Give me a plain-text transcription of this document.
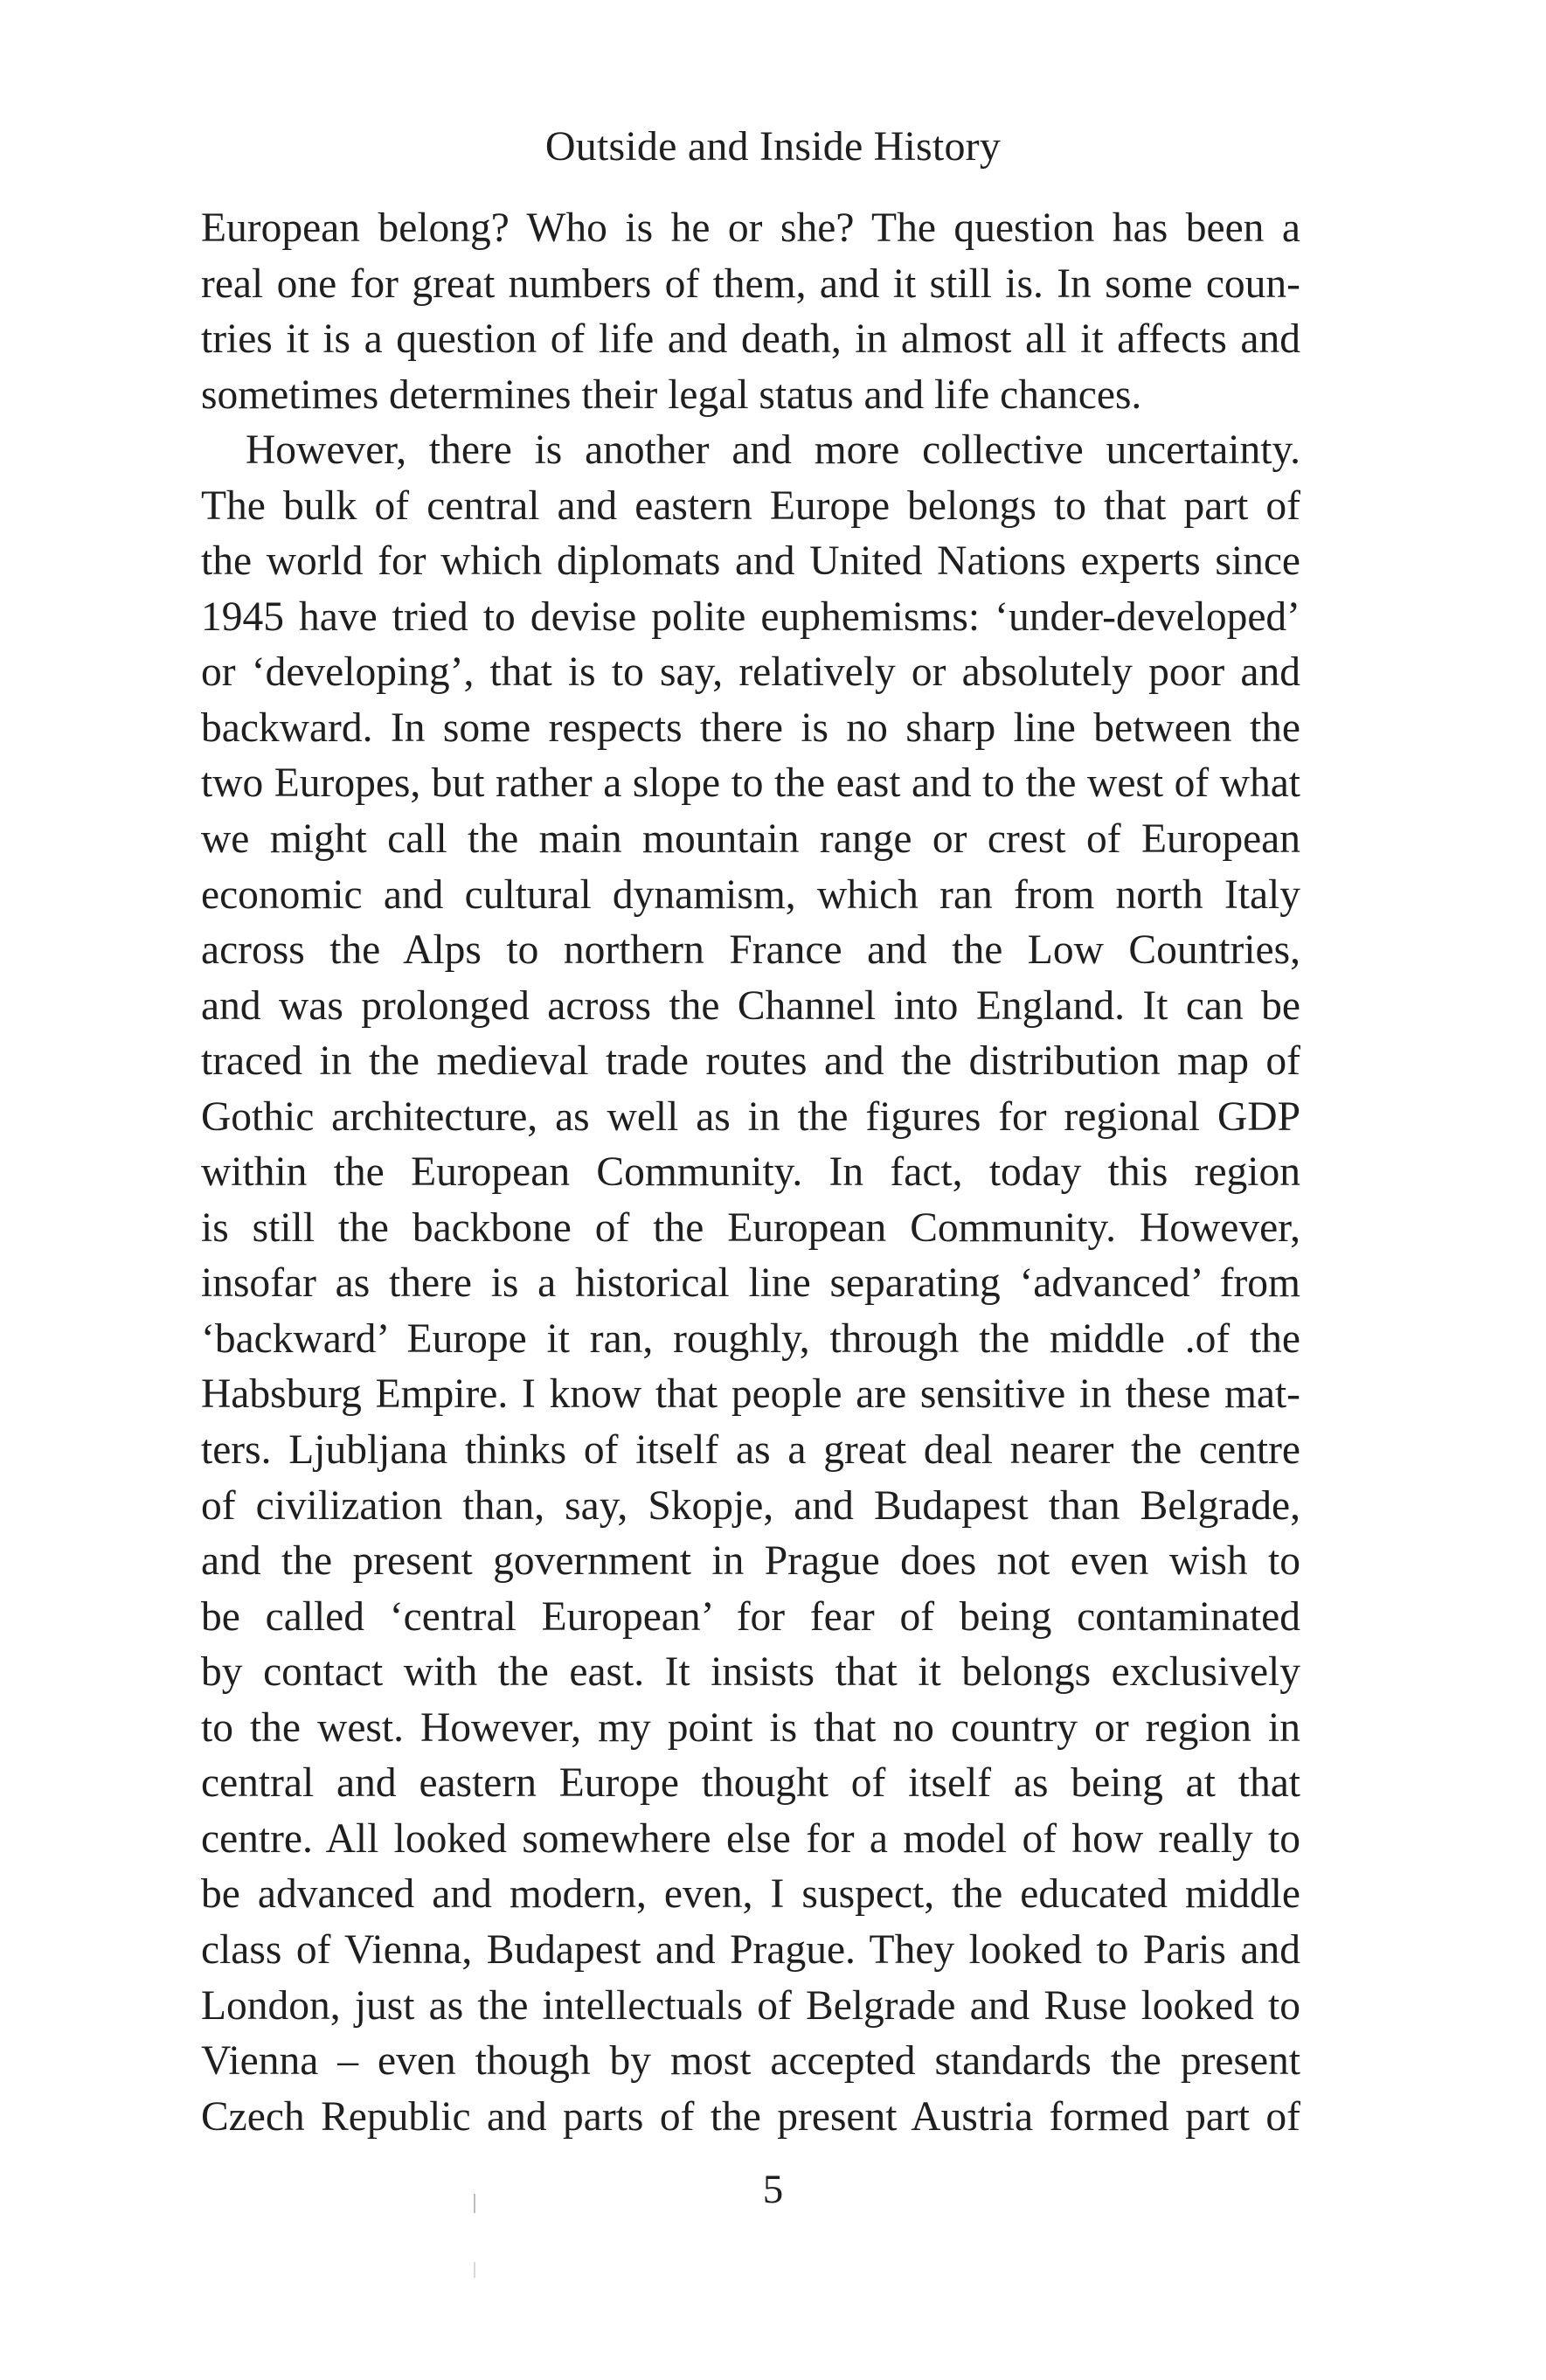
Outside and Inside History
European belong? Who is he or she? The question has been a
real one for great numbers of them, and it still is. In some coun-
tries it is a question of life and death, in almost all it affects and
sometimes determines their legal status and life chances.
However, there is another and more collective uncertainty.
The bulk of central and eastern Europe belongs to that part of
the world for which diplomats and United Nations experts since
1945 have tried to devise polite euphemisms: ‘under-developed’
or ‘developing’, that is to say, relatively or absolutely poor and
backward. In some respects there is no sharp line between the
two Europes, but rather a slope to the east and to the west of what
we might call the main mountain range or crest of European
economic and cultural dynamism, which ran from north Italy
across the Alps to northern France and the Low Countries,
and was prolonged across the Channel into England. It can be
traced in the medieval trade routes and the distribution map of
Gothic architecture, as well as in the figures for regional GDP
within the European Community. In fact, today this region
is still the backbone of the European Community. However,
insofar as there is a historical line separating ‘advanced’ from
‘backward’ Europe it ran, roughly, through the middle .of the
Habsburg Empire. I know that people are sensitive in these mat-
ters. Ljubljana thinks of itself as a great deal nearer the centre
of civilization than, say, Skopje, and Budapest than Belgrade,
and the present government in Prague does not even wish to
be called ‘central European’ for fear of being contaminated
by contact with the east. It insists that it belongs exclusively
to the west. However, my point is that no country or region in
central and eastern Europe thought of itself as being at that
centre. All looked somewhere else for a model of how really to
be advanced and modern, even, I suspect, the educated middle
class of Vienna, Budapest and Prague. They looked to Paris and
London, just as the intellectuals of Belgrade and Ruse looked to
Vienna – even though by most accepted standards the present
Czech Republic and parts of the present Austria formed part of
5
